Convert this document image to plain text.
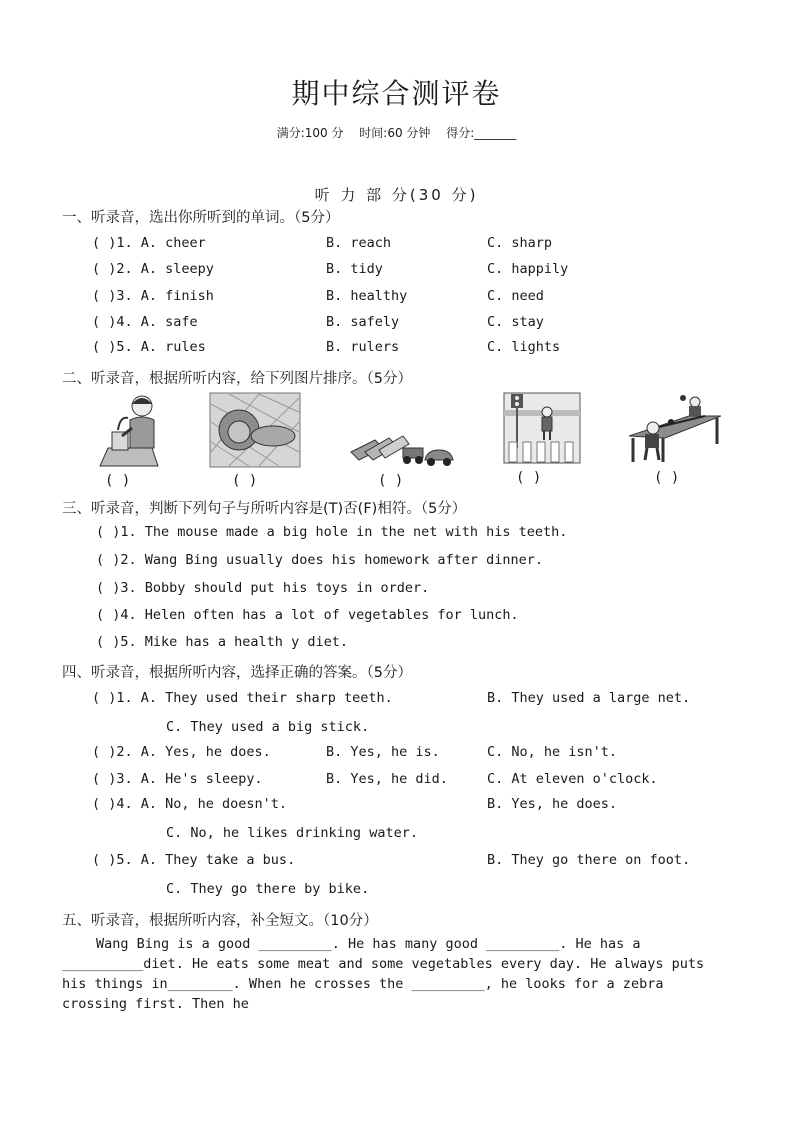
期中综合测评卷
满分:100 分 时间:60 分钟 得分:_______
听 力 部 分(30 分)
一、听录音，选出你所听到的单词。（5分）
( )1. A. cheer	B. reach	C. sharp
( )2. A. sleepy	B. tidy	C. happily
( )3. A. finish	B. healthy	C. need
( )4. A. safe	B. safely	C. stay
( )5. A. rules	B. rulers	C. lights
二、听录音，根据所听内容，给下列图片排序。（5分）
( )	( )	( )	( )	( )
三、听录音，判断下列句子与所听内容是(T)否(F)相符。（5分）
( )1. The mouse made a big hole in the net with his teeth.
( )2. Wang Bing usually does his homework after dinner.
( )3. Bobby should put his toys in order.
( )4. Helen often has a lot of vegetables for lunch.
( )5. Mike has a health y diet.
四、听录音，根据所听内容，选择正确的答案。（5分）
( )1. A. They used their sharp teeth.	B. They used a large net.
C. They used a big stick.
( )2. A. Yes, he does.	B. Yes, he is.	C. No, he isn't.
( )3. A. He's sleepy.	B. Yes, he did.	C. At eleven o'clock.
( )4. A. No, he doesn't.	B. Yes, he does.
C. No, he likes drinking water.
( )5. A. They take a bus.	B. They go there on foot.
C. They go there by bike.
五、听录音，根据所听内容，补全短文。（10分）
Wang Bing is a good _________. He has many good _________. He has a __________diet. He eats some meat and some vegetables every day. He always puts his things in________. When he crosses the _________, he looks for a zebra crossing first. Then he
